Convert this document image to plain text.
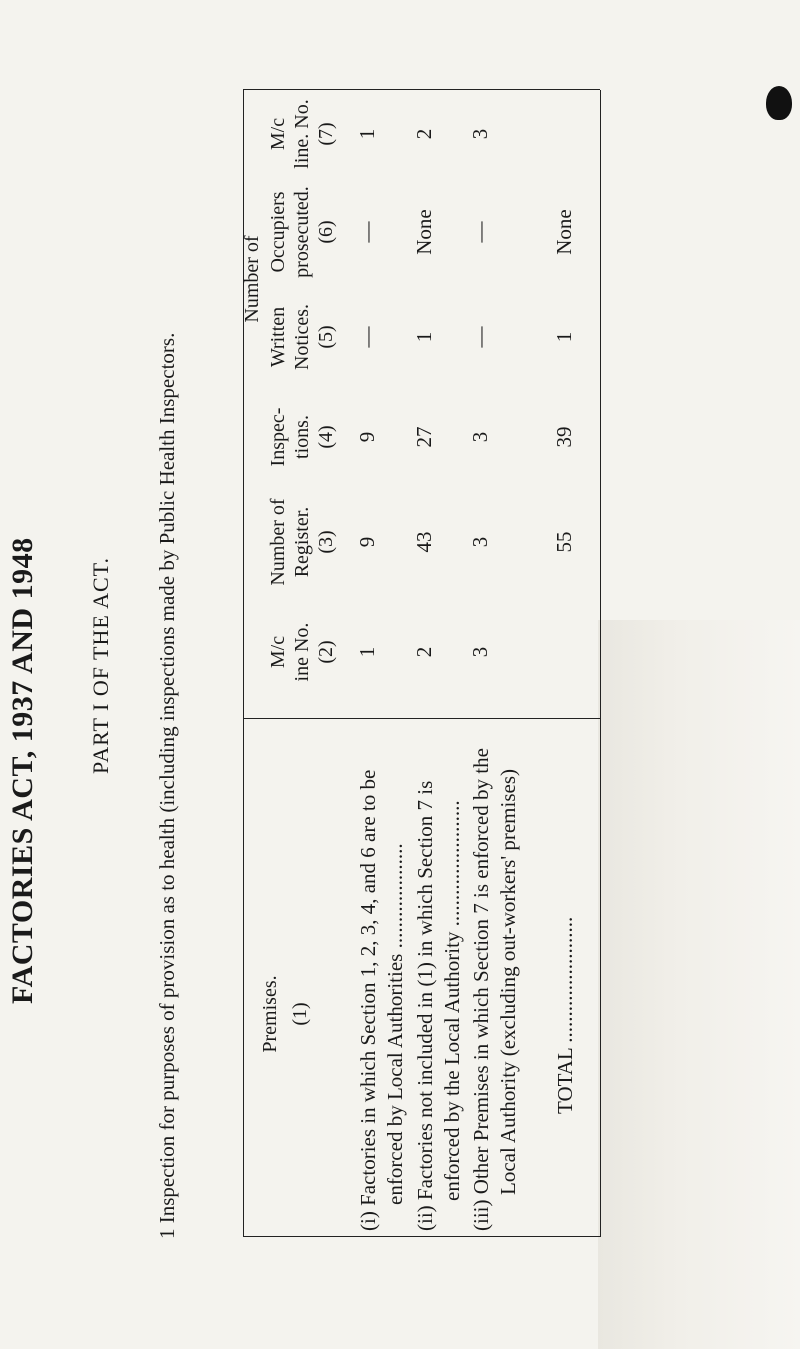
FACTORIES ACT, 1937 AND 1948 PART I OF THE ACT. 1 Inspection for purposes of provision as to health (including inspections made by Public Health Inspectors.	Premises. (1)
Number of
M/c ine No. (2)
Number of Register. (3)
Inspec- tions. (4)
Written Notices. (5)
Occupiers prosecuted. (6)
M/c line. No. (7)
(i) Factories in which Section 1, 2, 3, 4, and 6 are to be enforced by Local Authorities ....................
1
9
9
—
—
1
(ii) Factories not included in (1) in which Section 7 is enforced by the Local Authority ........................
2
43
27
1
None
2
(iii) Other Premises in which Section 7 is enforced by the Local Authority (excluding out-workers' premises)
3
3
3
—
—
3
TOTAL ........................
55
39
1
None
